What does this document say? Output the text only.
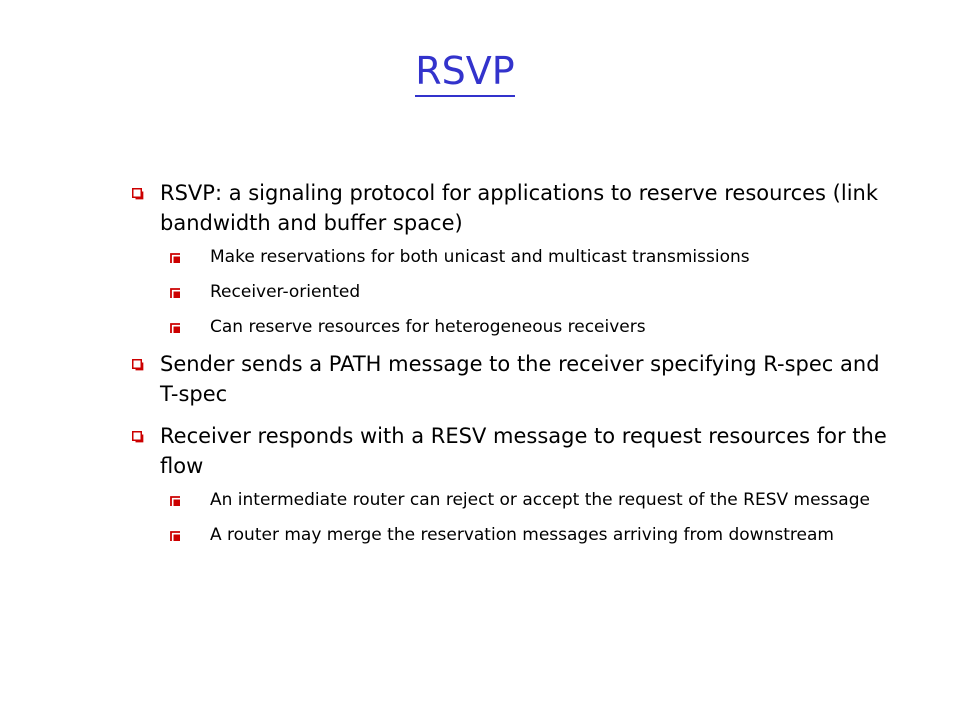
RSVP
RSVP: a signaling protocol for applications to reserve resources (link bandwidth and buffer space)
Make reservations for both unicast and multicast transmissions
Receiver-oriented
Can reserve resources for heterogeneous receivers
Sender sends a PATH message to the receiver specifying R-spec and T-spec
Receiver responds with a RESV message to request resources for the flow
An intermediate router can reject or accept the request of the RESV message
A router may merge the reservation messages arriving from downstream
